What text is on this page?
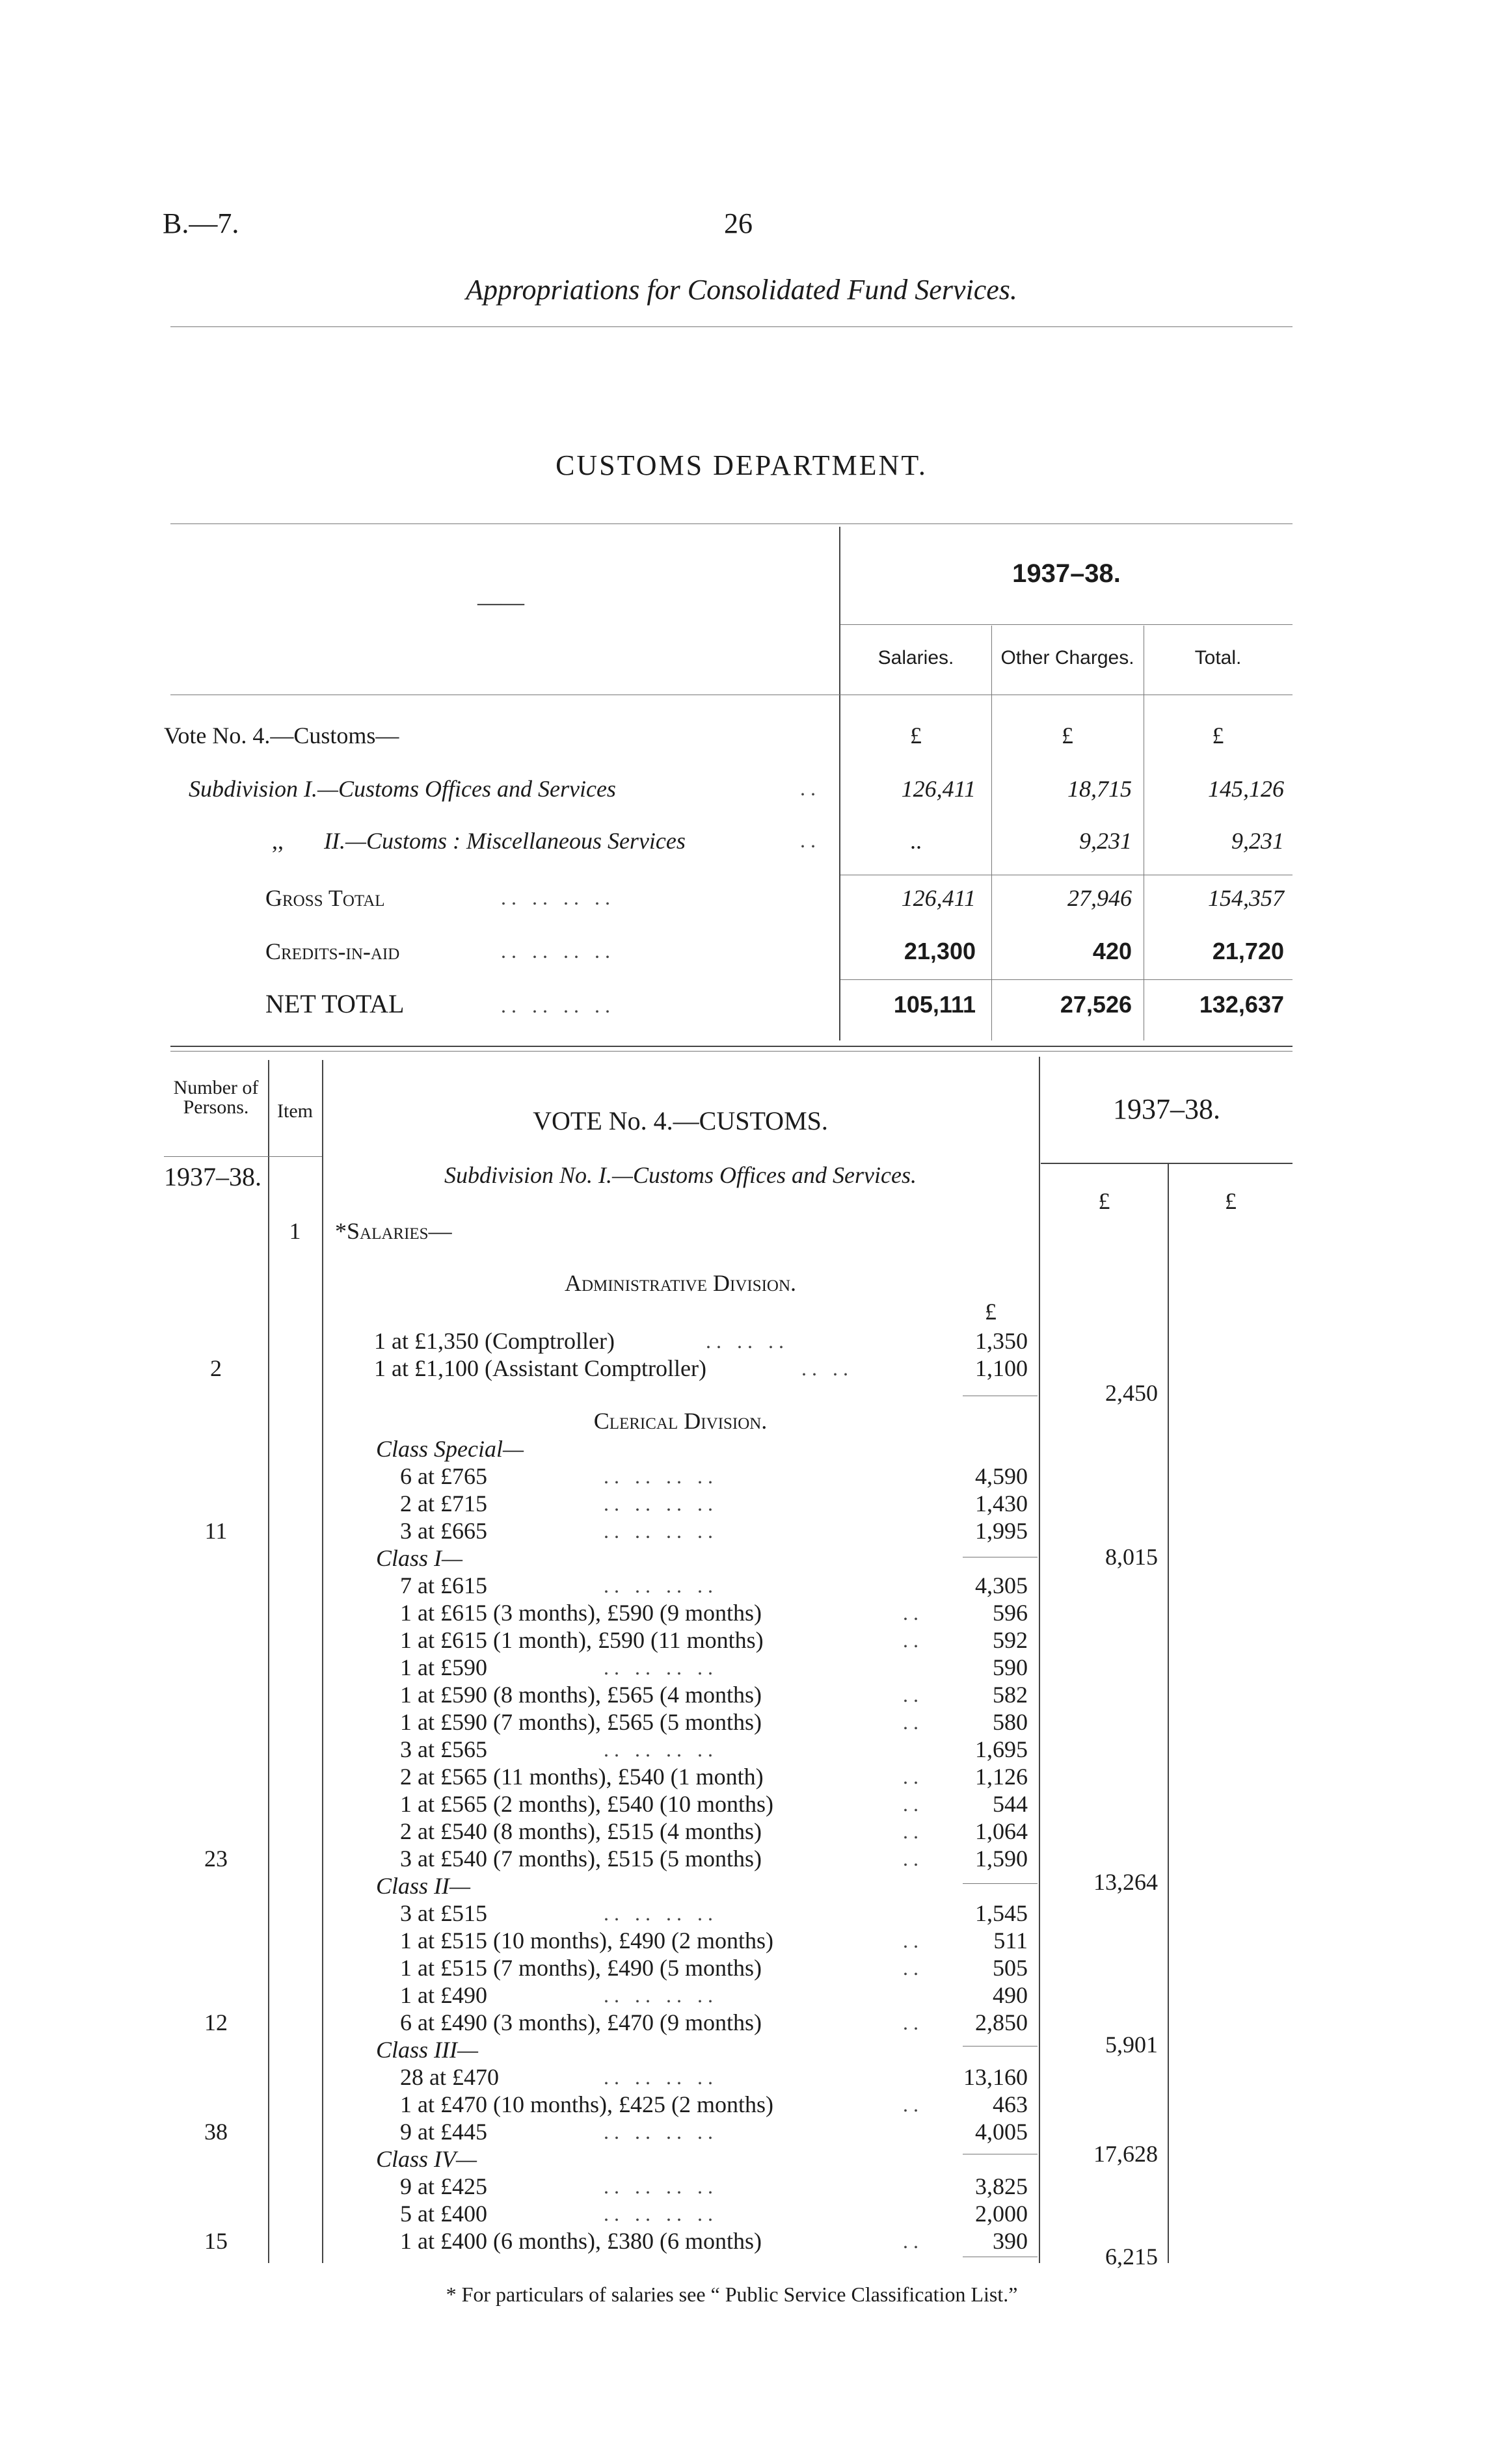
B.—7.	26
Appropriations for Consolidated Fund Services.
CUSTOMS DEPARTMENT.
——
1937–38.
Salaries.	Other Charges.	Total.
Vote No. 4.—Customs—	£	£	£
Subdivision I.—Customs Offices and Services	..	126,411	18,715	145,126
,, II.—Customs : Miscellaneous Services	..	..	9,231	9,231
Gross Total	.. .. .. ..	126,411	27,946	154,357
Credits-in-aid	.. .. .. ..	21,300	420	21,720
NET TOTAL	.. .. .. ..	105,111	27,526	132,637
Number of Persons.	Item	VOTE No. 4.—CUSTOMS.	1937–38.
1937–38.	Subdivision No. I.—Customs Offices and Services.
£	£
1	*Salaries—
Administrative Division.
£
1 at £1,350 (Comptroller)	.. .. ..	1,350
2	1 at £1,100 (Assistant Comptroller)	.. ..	1,100
2,450
Clerical Division.
Class Special—
6 at £765	.. .. .. ..	4,590
2 at £715	.. .. .. ..	1,430
11	3 at £665	.. .. .. ..	1,995
8,015
Class I—
7 at £615	.. .. .. ..	4,305
1 at £615 (3 months), £590 (9 months)	..	596
1 at £615 (1 month), £590 (11 months)	..	592
1 at £590	.. .. .. ..	590
1 at £590 (8 months), £565 (4 months)	..	582
1 at £590 (7 months), £565 (5 months)	..	580
3 at £565	.. .. .. ..	1,695
2 at £565 (11 months), £540 (1 month)	..	1,126
1 at £565 (2 months), £540 (10 months)	..	544
2 at £540 (8 months), £515 (4 months)	..	1,064
23	3 at £540 (7 months), £515 (5 months)	..	1,590
13,264
Class II—
3 at £515	.. .. .. ..	1,545
1 at £515 (10 months), £490 (2 months)	..	511
1 at £515 (7 months), £490 (5 months)	..	505
1 at £490	.. .. .. ..	490
12	6 at £490 (3 months), £470 (9 months)	..	2,850
5,901
Class III—
28 at £470	.. .. .. ..	13,160
1 at £470 (10 months), £425 (2 months)	..	463
38	9 at £445	.. .. .. ..	4,005
17,628
Class IV—
9 at £425	.. .. .. ..	3,825
5 at £400	.. .. .. ..	2,000
15	1 at £400 (6 months), £380 (6 months)	..	390
6,215
* For particulars of salaries see “ Public Service Classification List.”
